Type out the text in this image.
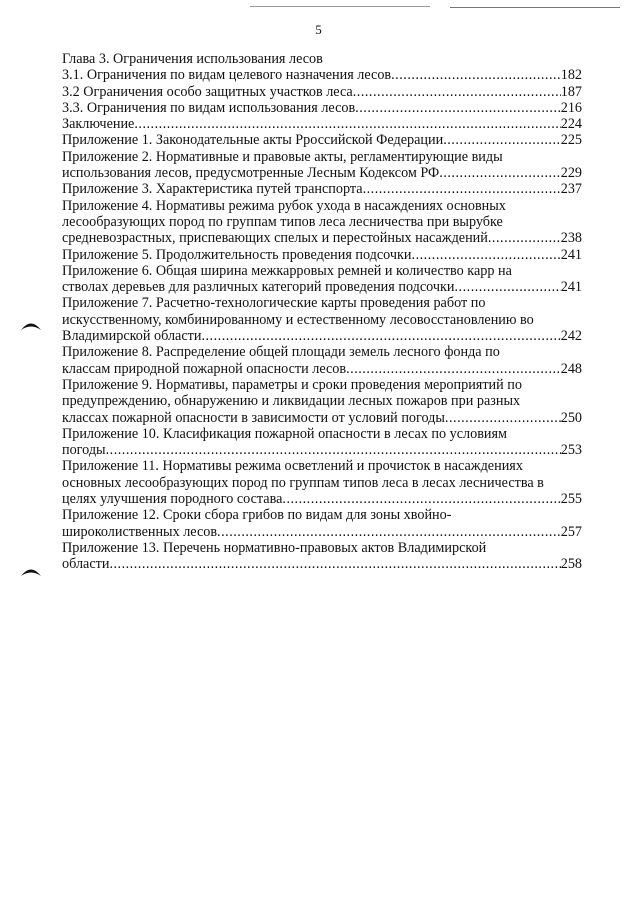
5
Глава 3. Ограничения использования лесов
3.1. Ограничения по видам целевого назначения лесов .....	182
3.2 Ограничения особо защитных участков леса .....	187
3.3. Ограничения по видам использования лесов .....	216
Заключение .....	224
Приложение 1. Законодательные акты Рроссийской Федерации .....	225
Приложение 2. Нормативные и правовые акты, регламентирующие виды
использования лесов, предусмотренные Лесным Кодексом РФ .....	229
Приложение 3. Характеристика путей транспорта .....	237
Приложение 4. Нормативы режима рубок ухода в насаждениях основных
лесообразующих пород по группам типов леса лесничества при вырубке
средневозрастных, приспевающих спелых и перестойных насаждений .....	238
Приложение 5. Продолжительность проведения подсочки .....	241
Приложение 6. Общая ширина межкарровых ремней и количество карр на
стволах деревьев для различных категорий проведения подсочки .....	241
Приложение 7. Расчетно-технологические карты проведения работ по
искусственному, комбинированному и естественному лесовосстановлению во
Владимирской области .....	242
Приложение 8. Распределение общей площади земель лесного фонда по
классам природной пожарной опасности лесов .....	248
Приложение 9. Нормативы, параметры и сроки проведения мероприятий по
предупреждению, обнаружению и ликвидации лесных пожаров при разных
классах пожарной опасности в зависимости от условий погоды .....	250
Приложение 10. Класификация пожарной опасности в лесах по условиям
погоды .....	253
Приложение 11. Нормативы режима осветлений и прочисток в насаждениях
основных лесообразующих пород по группам типов леса в лесах лесничества в
целях улучшения породного состава .....	255
Приложение 12. Сроки сбора грибов по видам для зоны хвойно-
широколиственных лесов .....	257
Приложение 13. Перечень нормативно-правовых актов Владимирской
области .....	258
